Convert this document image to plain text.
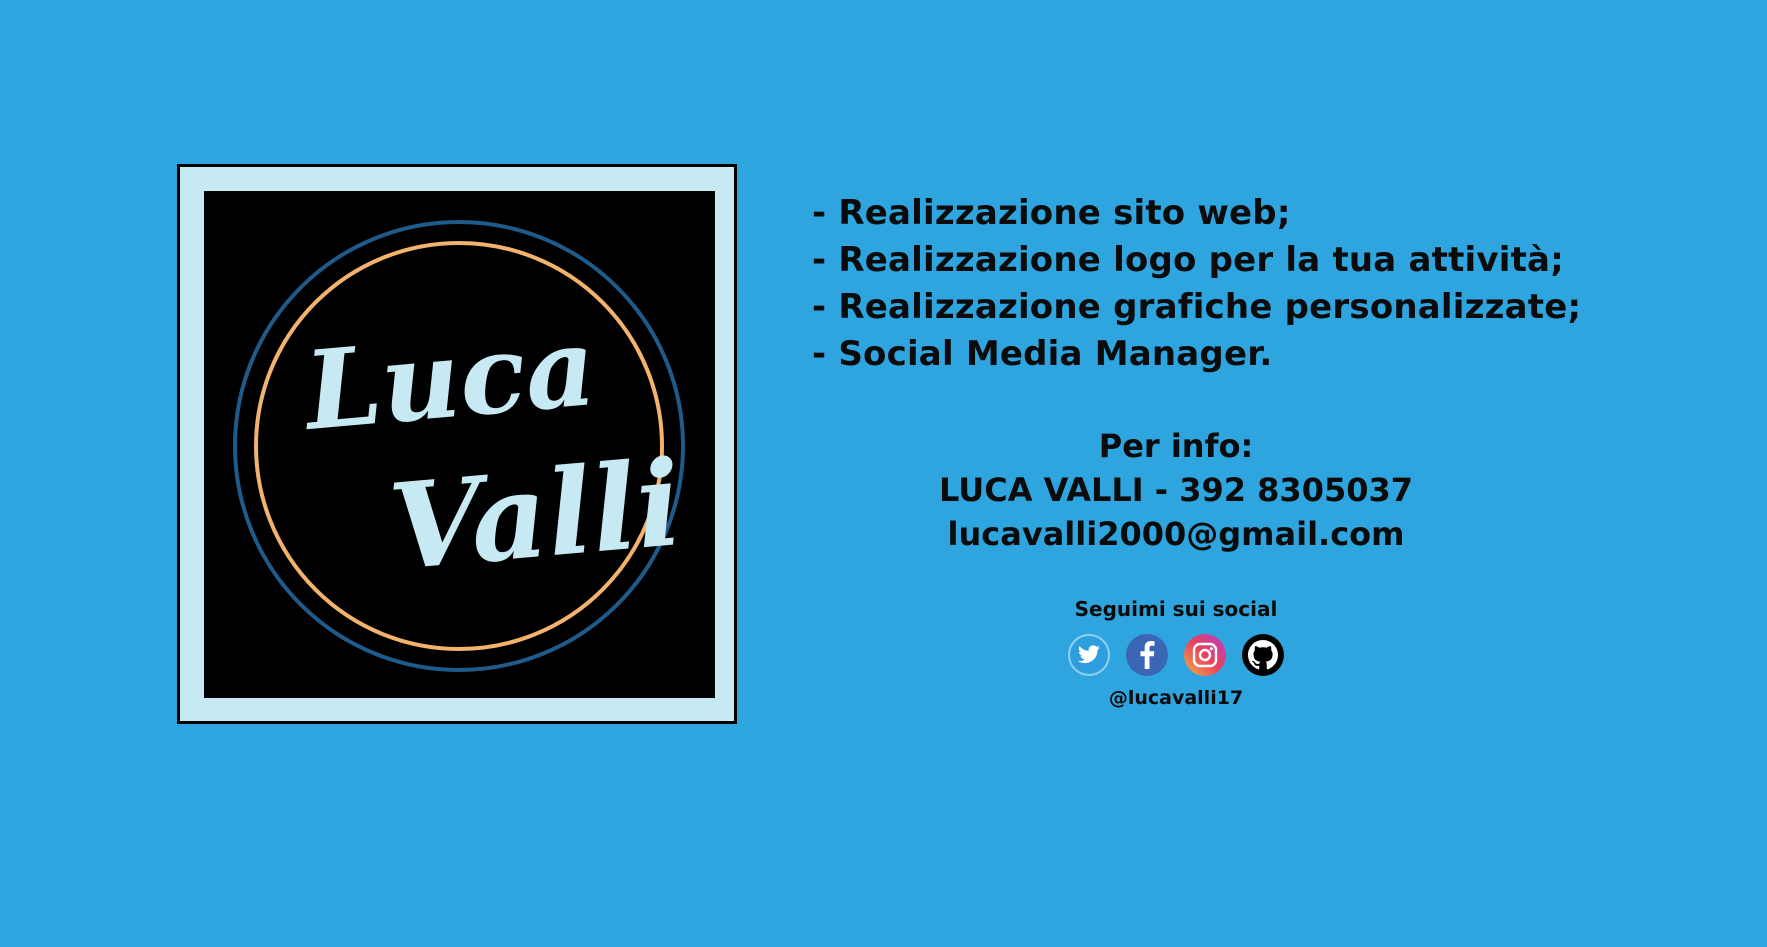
Luca
Valli
- Realizzazione sito web;
- Realizzazione logo per la tua attività;
- Realizzazione grafiche personalizzate;
- Social Media Manager.
Per info:
LUCA VALLI - 392 8305037
lucavalli2000@gmail.com
Seguimi sui social
@lucavalli17
